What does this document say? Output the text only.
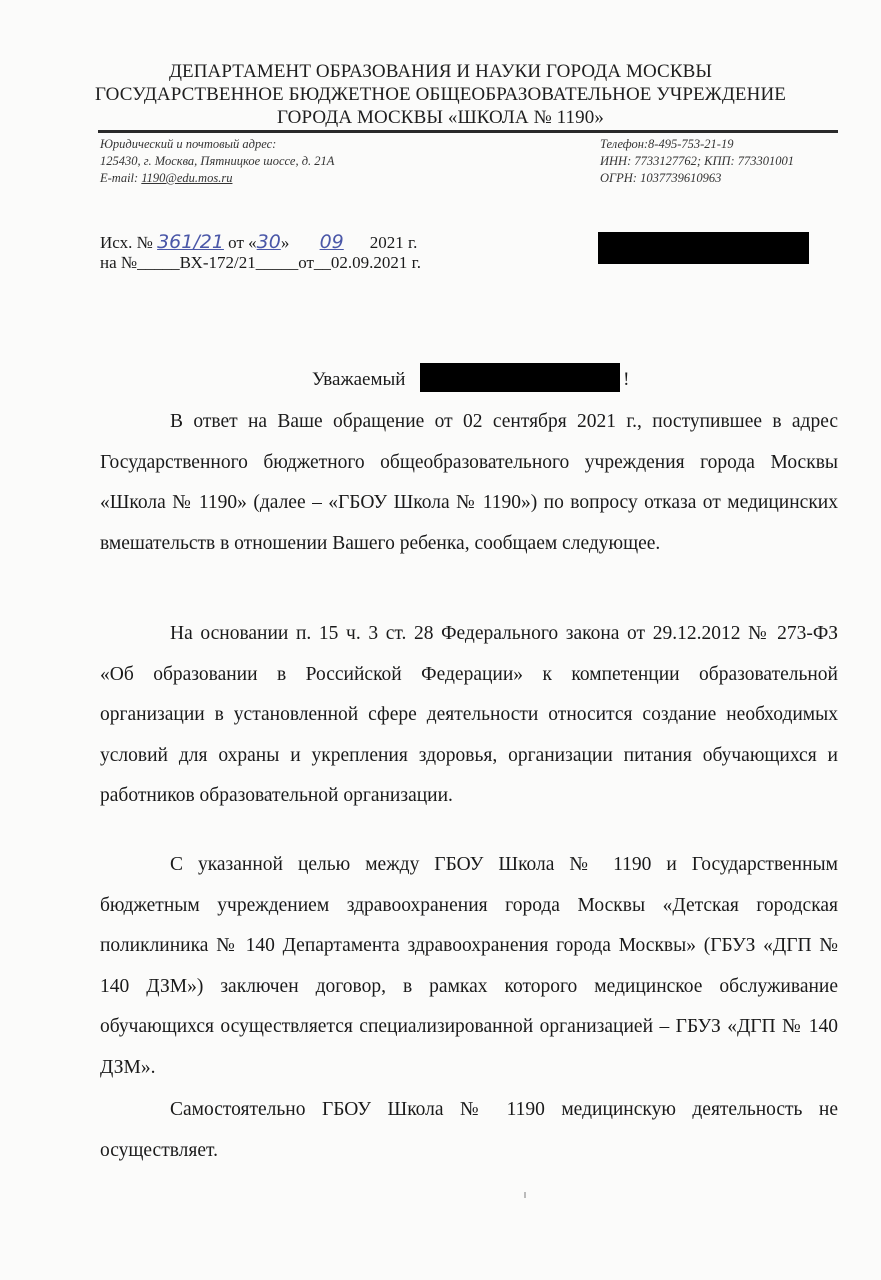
ДЕПАРТАМЕНТ ОБРАЗОВАНИЯ И НАУКИ ГОРОДА МОСКВЫ
ГОСУДАРСТВЕННОЕ БЮДЖЕТНОЕ ОБЩЕОБРАЗОВАТЕЛЬНОЕ УЧРЕЖДЕНИЕ
ГОРОДА МОСКВЫ «ШКОЛА № 1190»
Юридический и почтовый адрес:
125430, г. Москва, Пятницкое шоссе, д. 21А
E-mail: 1190@edu.mos.ru
Телефон:8-495-753-21-19
ИНН: 7733127762; КПП: 773301001
ОГРН: 1037739610963
Исх. № 361/21 от «30» 09 2021 г.
на №_____ВХ-172/21_____от__02.09.2021 г.
Уважаемый	!

В ответ на Ваше обращение от 02 сентября 2021 г., поступившее в адрес Государственного бюджетного общеобразовательного учреждения города Москвы «Школа № 1190» (далее – «ГБОУ Школа № 1190») по вопросу отказа от медицинских вмешательств в отношении Вашего ребенка, сообщаем следующее.

На основании п. 15 ч. 3 ст. 28 Федерального закона от 29.12.2012 № 273-ФЗ «Об образовании в Российской Федерации» к компетенции образовательной организации в установленной сфере деятельности относится создание необходимых условий для охраны и укрепления здоровья, организации питания обучающихся и работников образовательной организации.

С указанной целью между ГБОУ Школа № 1190 и Государственным бюджетным учреждением здравоохранения города Москвы «Детская городская поликлиника № 140 Департамента здравоохранения города Москвы» (ГБУЗ «ДГП № 140 ДЗМ») заключен договор, в рамках которого медицинское обслуживание обучающихся осуществляется специализированной организацией – ГБУЗ «ДГП № 140 ДЗМ».

Самостоятельно ГБОУ Школа № 1190 медицинскую деятельность не осуществляет.
